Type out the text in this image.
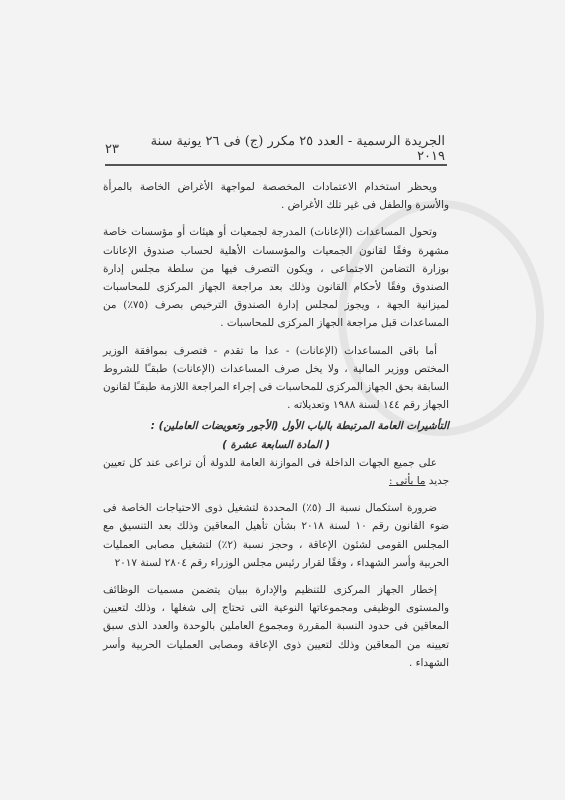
الجريدة الرسمية - العدد ٢٥ مكرر (ج) فى ٢٦ يونية سنة ٢٠١٩
٢٣

ويحظر استخدام الاعتمادات المخصصة لمواجهة الأغراض الخاصة بالمرأة والأسرة والطفل فى غير تلك الأغراض .

وتحول المساعدات (الإعانات) المدرجة لجمعيات أو هيئات أو مؤسسات خاصة مشهرة وفقًا لقانون الجمعيات والمؤسسات الأهلية لحساب صندوق الإعانات بوزارة التضامن الاجتماعى ، ويكون التصرف فيها من سلطة مجلس إدارة الصندوق وفقًا لأحكام القانون وذلك بعد مراجعة الجهاز المركزى للمحاسبات لميزانية الجهة ، ويجوز لمجلس إدارة الصندوق الترخيص بصرف (٧٥٪) من المساعدات قبل مراجعة الجهاز المركزى للمحاسبات .

أما باقى المساعدات (الإعانات) - عدا ما تقدم - فتصرف بموافقة الوزير المختص ووزير المالية ، ولا يخل صرف المساعدات (الإعانات) طبقـًا للشروط السابقة بحق الجهاز المركزى للمحاسبات فى إجراء المراجعة اللازمة طبقـًا لقانون الجهاز رقم ١٤٤ لسنة ١٩٨٨ وتعديلاته .

التأشيرات العامة المرتبطة بالباب الأول (الأجور وتعويضات العاملين) :

( المادة السابعة عشرة )

على جميع الجهات الداخلة فى الموازنة العامة للدولة أن تراعى عند كل تعيين جديد ما يأتى :

ضرورة استكمال نسبة الـ (٥٪) المحددة لتشغيل ذوى الاحتياجات الخاصة فى ضوء القانون رقم ١٠ لسنة ٢٠١٨ بشأن تأهيل المعاقين وذلك بعد التنسيق مع المجلس القومى لشئون الإعاقة ، وحجز نسبة (٢٪) لتشغيل مصابى العمليات الحربية وأسر الشهداء ، وفقًا لقرار رئيس مجلس الوزراء رقم ٢٨٠٤ لسنة ٢٠١٧

إخطار الجهاز المركزى للتنظيم والإدارة ببيان يتضمن مسميات الوظائف والمستوى الوظيفى ومجموعاتها النوعية التى تحتاج إلى شغلها ، وذلك لتعيين المعاقين فى حدود النسبة المقررة ومجموع العاملين بالوحدة والعدد الذى سبق تعيينه من المعاقين وذلك لتعيين ذوى الإعاقة ومصابى العمليات الحربية وأسر الشهداء .
